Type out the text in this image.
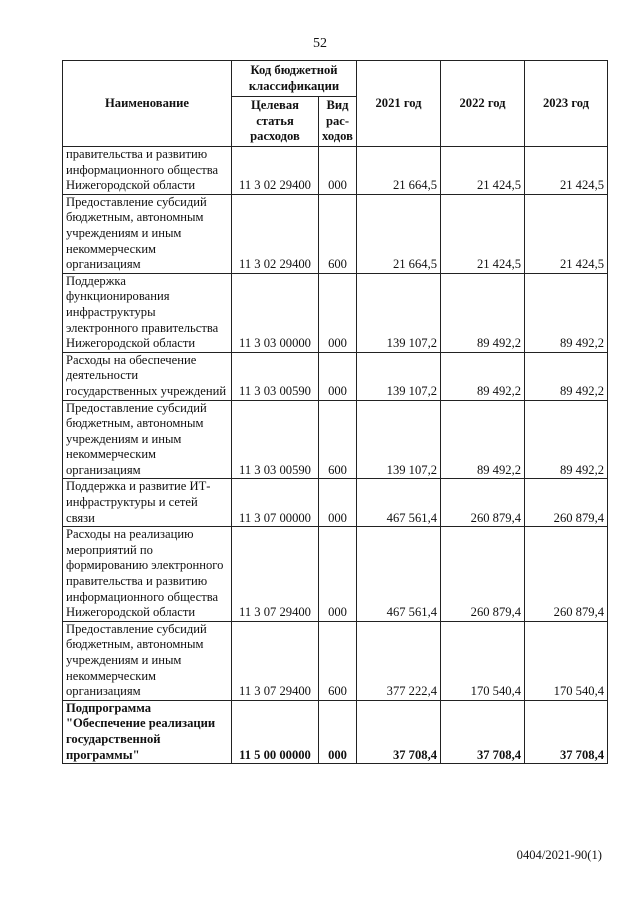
52
Наименование	Код бюджетной классификации		2021 год	2022 год	2023 год
	Целевая статья расходов	Вид рас-ходов			
правительства и развитию информационного общества Нижегородской области	11 3 02 29400	000	21 664,5	21 424,5	21 424,5
Предоставление субсидий бюджетным, автономным учреждениям и иным некоммерческим организациям	11 3 02 29400	600	21 664,5	21 424,5	21 424,5
Поддержка функционирования инфраструктуры электронного правительства Нижегородской области	11 3 03 00000	000	139 107,2	89 492,2	89 492,2
Расходы на обеспечение деятельности государственных учреждений	11 3 03 00590	000	139 107,2	89 492,2	89 492,2
Предоставление субсидий бюджетным, автономным учреждениям и иным некоммерческим организациям	11 3 03 00590	600	139 107,2	89 492,2	89 492,2
Поддержка и развитие ИТ-инфраструктуры и сетей связи	11 3 07 00000	000	467 561,4	260 879,4	260 879,4
Расходы на реализацию мероприятий по формированию электронного правительства и развитию информационного общества Нижегородской области	11 3 07 29400	000	467 561,4	260 879,4	260 879,4
Предоставление субсидий бюджетным, автономным учреждениям и иным некоммерческим организациям	11 3 07 29400	600	377 222,4	170 540,4	170 540,4
Подпрограмма "Обеспечение реализации государственной программы"	11 5 00 00000	000	37 708,4	37 708,4	37 708,4
0404/2021-90(1)
